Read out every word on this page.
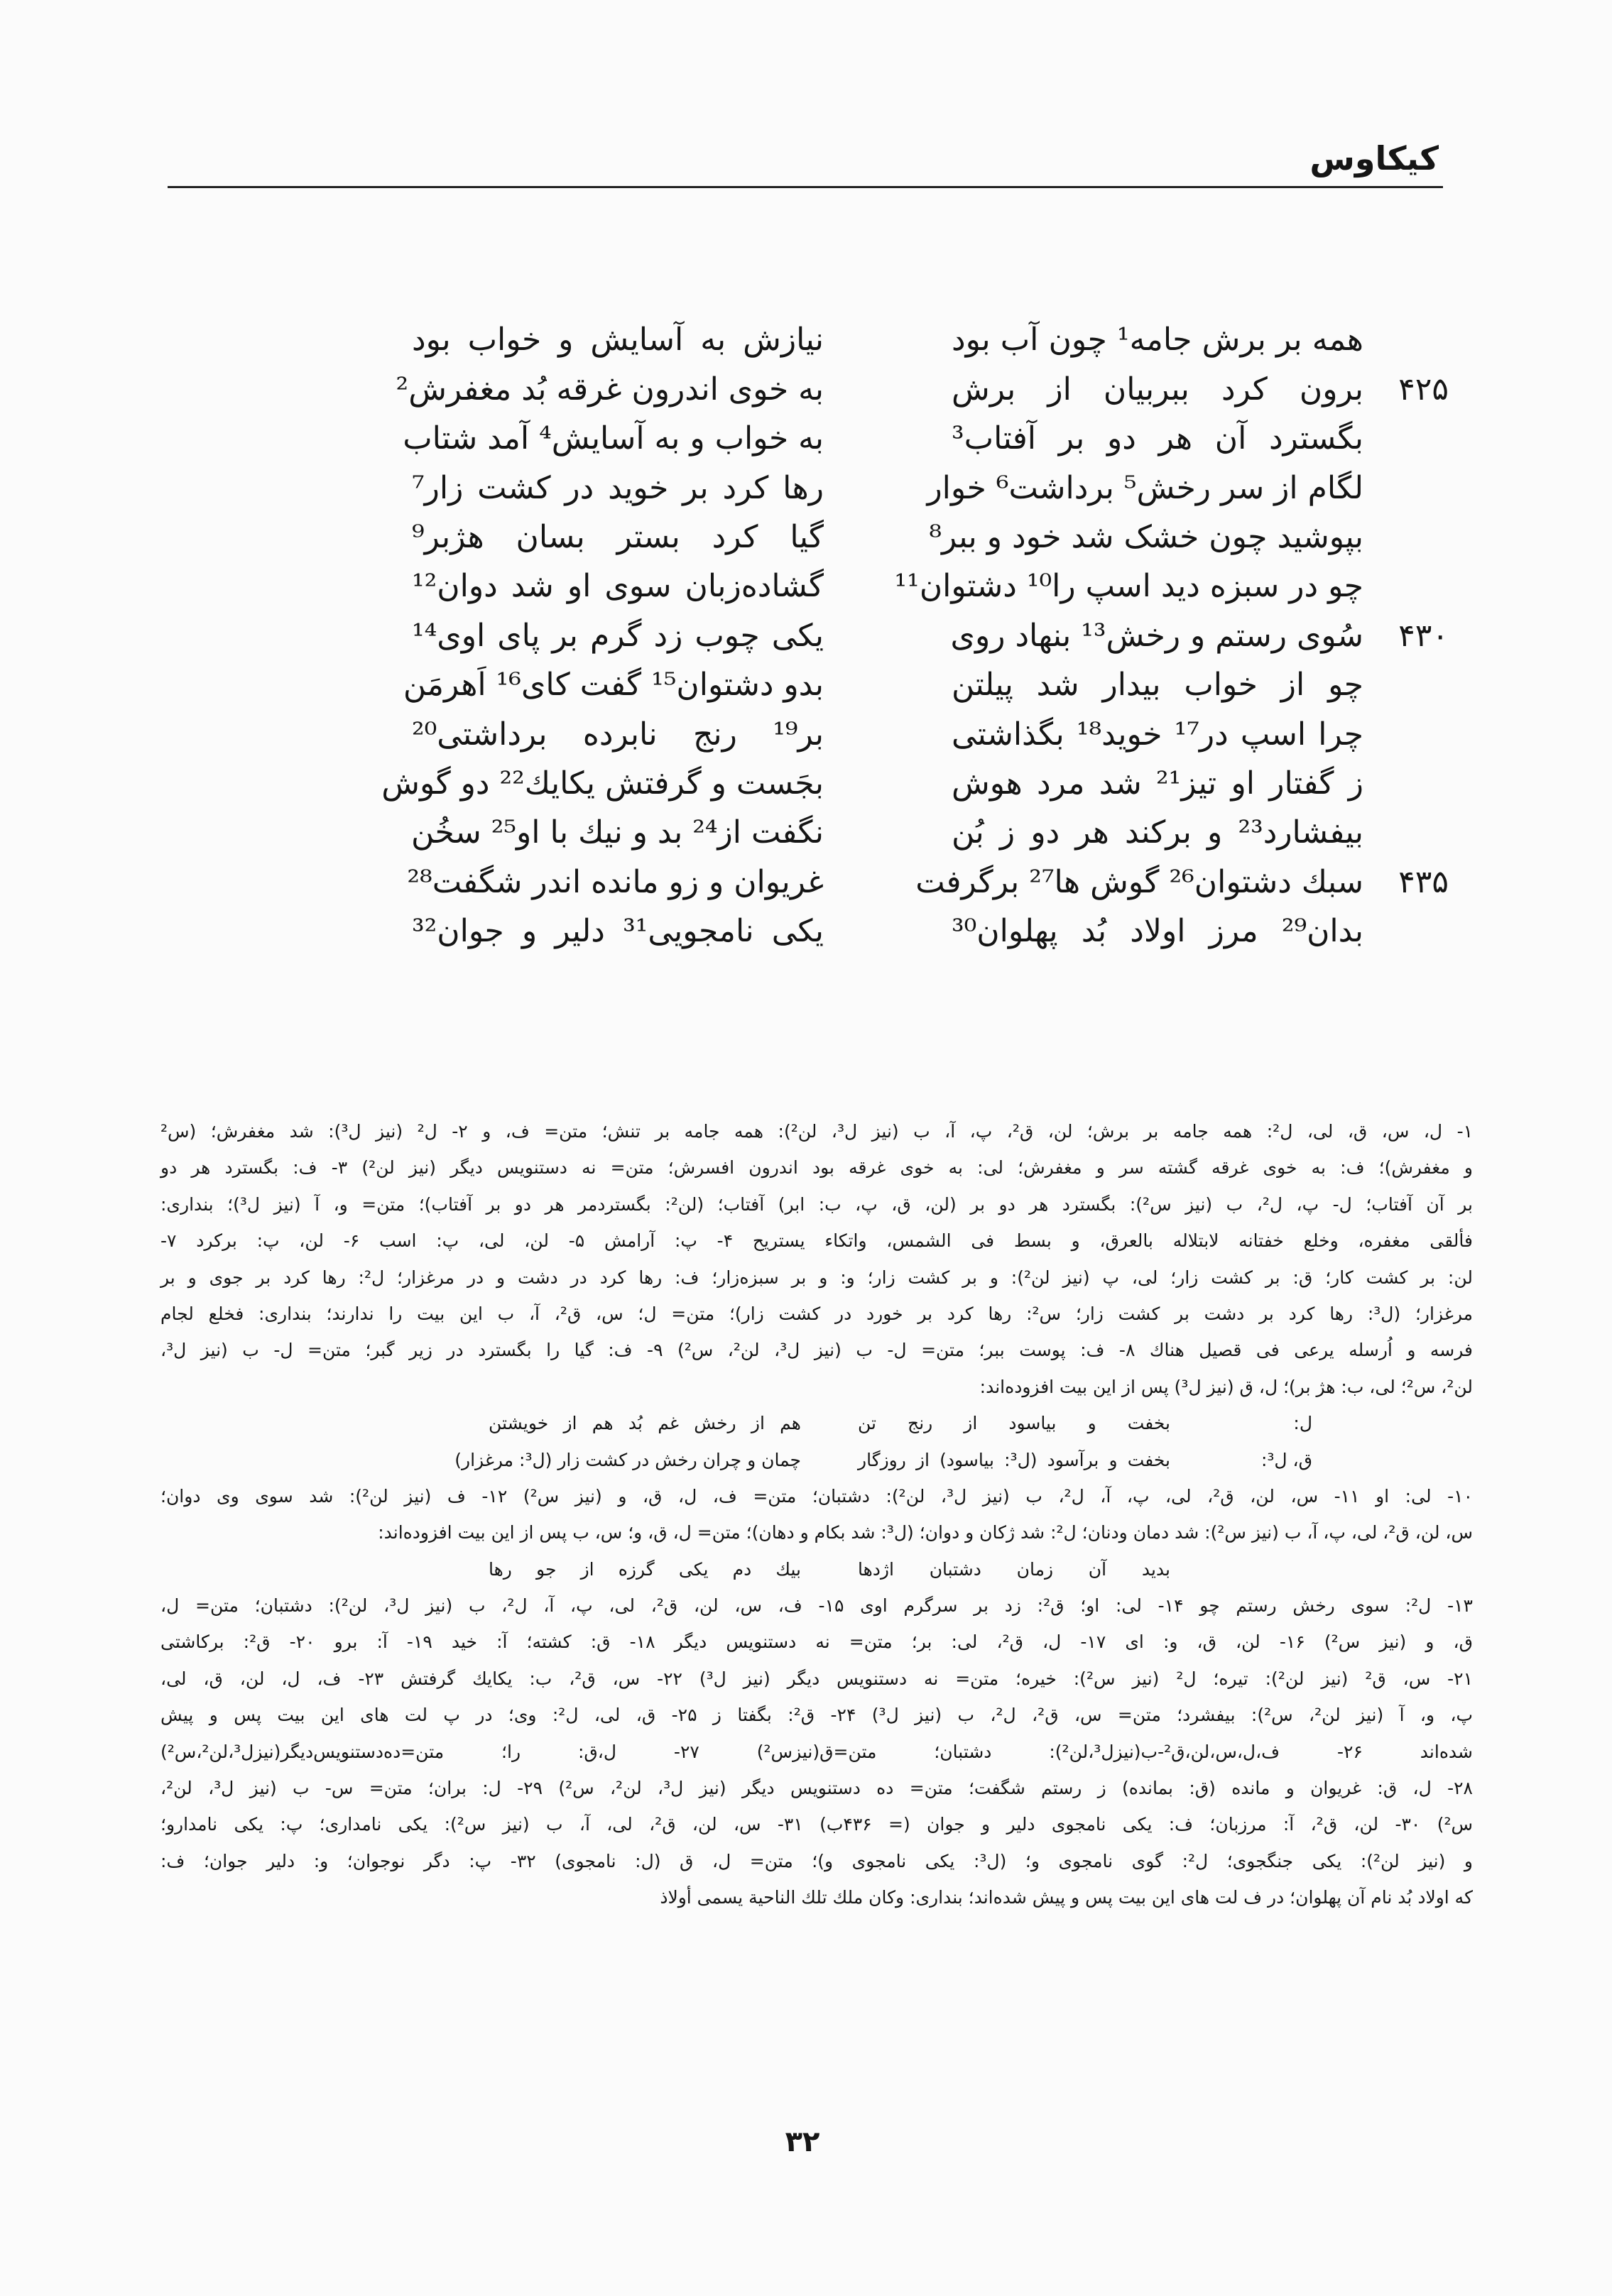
کیکاوس
همه بر برش جامه¹ چون آب بود
نیازش به آسایش و خواب بود
۴۲۵
برون کرد ببربیان از برش
به خوی اندرون غرقه بُد مغفرش²
بگسترد آن هر دو بر آفتاب³
به خواب و به آسایش⁴ آمد شتاب
لگام از سر رخش⁵ برداشت⁶ خوار
رها کرد بر خوید در کشت زار⁷
بپوشید چون خشک شد خود و ببر⁸
گیا کرد بستر بسان هژبر⁹
چو در سبزه دید اسپ را¹⁰ دشتوان¹¹
گشاده‌زبان سوی او شد دوان¹²
۴۳۰
سُوی رستم و رخش¹³ بنهاد روی
یکی چوب زد گرم بر پای اوی¹⁴
چو از خواب بیدار شد پیلتن
بدو دشتوان¹⁵ گفت کای¹⁶ اَهرمَن
چرا اسپ در¹⁷ خوید¹⁸ بگذاشتی
بر¹⁹ رنج نابرده برداشتی²⁰
ز گفتار او تیز²¹ شد مرد هوش
بجَست و گرفتش یکایك²² دو گوش
بیفشارد²³ و برکند هر دو ز بُن
نگفت از²⁴ بد و نیك با او²⁵ سخُن
۴۳۵
سبك دشتوان²⁶ گوش ها²⁷ برگرفت
غریوان و زو مانده اندر شگفت²⁸
بدان²⁹ مرز اولاد بُد پهلوان³⁰
یکی نامجویی³¹ دلیر و جوان³²
۱- ل، س، ق، لی، ل²: همه جامه بر برش؛ لن، ق²، پ، آ، ب (نیز ل³، لن²): همه جامه بر تنش؛ متن= ف، و ۲- ل² (نیز ل³): شد مغفرش؛ (س²
و مغفرش)؛ ف: به خوی غرقه گشته سر و مغفرش؛ لی: به خوی غرقه بود اندرون افسرش؛ متن= نه دستنویس دیگر (نیز لن²) ۳- ف: بگسترد هر دو
بر آن آفتاب؛ ل- پ، ل²، ب (نیز س²): بگسترد هر دو بر (لن، ق، پ، ب: ابر) آفتاب؛ (لن²: بگستردمر هر دو بر آفتاب)؛ متن= و، آ (نیز ل³)؛ بنداری:
فألقی مغفره، وخلع خفتانه لابتلاله بالعرق، و بسط فی الشمس، واتکاء یستریح ۴- پ: آرامش ۵- لن، لی، پ: اسب ۶- لن، پ: برکرد ۷-
لن: بر کشت کار؛ ق: بر کشت زار؛ لی، پ (نیز لن²): و بر کشت زار؛ و: و بر سبزه‌زار؛ ف: رها کرد در دشت و در مرغزار؛ ل²: رها کرد بر جوی و بر
مرغزار؛ (ل³: رها کرد بر دشت بر کشت زار؛ س²: رها کرد بر خورد در کشت زار)؛ متن= ل؛ س، ق²، آ، ب این بیت را ندارند؛ بنداری: فخلع لجام
فرسه و اُرسله یرعی فی قصیل هناك ۸- ف: پوست ببر؛ متن= ل- ب (نیز ل³، لن²، س²) ۹- ف: گیا را بگسترد در زیر گبر؛ متن= ل- ب (نیز ل³،
لن²، س²؛ لی، ب: هژ بر)؛ ل، ق (نیز ل³) پس از این بیت افزوده‌اند:
ل:
بخفت و بیاسود از رنج تن
هم از رخش غم بُد هم از خویشتن
ق، ل³:
بخفت و برآسود (ل³: بیاسود) از روزگار
چمان و چران رخش در کشت زار (ل³: مرغزار)
۱۰- لی: او ۱۱- س، لن، ق²، لی، پ، آ، ل²، ب (نیز ل³، لن²): دشتبان؛ متن= ف، ل، ق، و (نیز س²) ۱۲- ف (نیز لن²): شد سوی وی دوان؛
س، لن، ق²، لی، پ، آ، ب (نیز س²): شد دمان ودنان؛ ل²: شد ژکان و دوان؛ (ل³: شد بکام و دهان)؛ متن= ل، ق، و؛ س، ب پس از این بیت افزوده‌اند:
بدید آن زمان دشتبان اژدها
بیك دم یکی گرزه از جو رها
۱۳- ل²: سوی رخش رستم چو ۱۴- لی: او؛ ق²: زد بر سرگرم اوی ۱۵- ف، س، لن، ق²، لی، پ، آ، ل²، ب (نیز ل³، لن²): دشتبان؛ متن= ل،
ق، و (نیز س²) ۱۶- لن، ق، و: ای ۱۷- ل، ق²، لی: بر؛ متن= نه دستنویس دیگر ۱۸- ق: کشته؛ آ: خید ۱۹- آ: برو ۲۰- ق²: برکاشتی
۲۱- س، ق² (نیز لن²): تیره؛ ل² (نیز س²): خیره؛ متن= نه دستنویس دیگر (نیز ل³) ۲۲- س، ق²، ب: یکایك گرفتش ۲۳- ف، ل، لن، ق، لی،
پ، و، آ (نیز لن²، س²): بیفشرد؛ متن= س، ق²، ل²، ب (نیز ل³) ۲۴- ق²: بگفتا ز ۲۵- ق، لی، ل²: وی؛ در پ لت های این بیت پس و پیش
شده‌اند ۲۶- ف،ل،س،لن،ق²-ب(نیزل³،لن²): دشتبان؛ متن=ق(نیزس²) ۲۷- ل،ق: را؛ متن=ده‌دستنویس‌دیگر(نیزل³،لن²،س²)
۲۸- ل، ق: غریوان و مانده (ق: بمانده) ز رستم شگفت؛ متن= ده دستنویس دیگر (نیز ل³، لن²، س²) ۲۹- ل: بران؛ متن= س- ب (نیز ل³، لن²،
س²) ۳۰- لن، ق²، آ: مرزبان؛ ف: یکی نامجوی دلیر و جوان (= ۴۳۶ب) ۳۱- س، لن، ق²، لی، آ، ب (نیز س²): یکی نامداری؛ پ: یکی نامدارو؛
و (نیز لن²): یکی جنگجوی؛ ل²: گوی نامجوی و؛ (ل³: یکی نامجوی و)؛ متن= ل، ق (ل: نامجوی) ۳۲- پ: دگر نوجوان؛ و: دلیر جوان؛ ف:
که اولاد بُد نام آن پهلوان؛ در ف لت های این بیت پس و پیش شده‌اند؛ بنداری: وکان ملك تلك الناحیة یسمی أولاذ
۳۲
